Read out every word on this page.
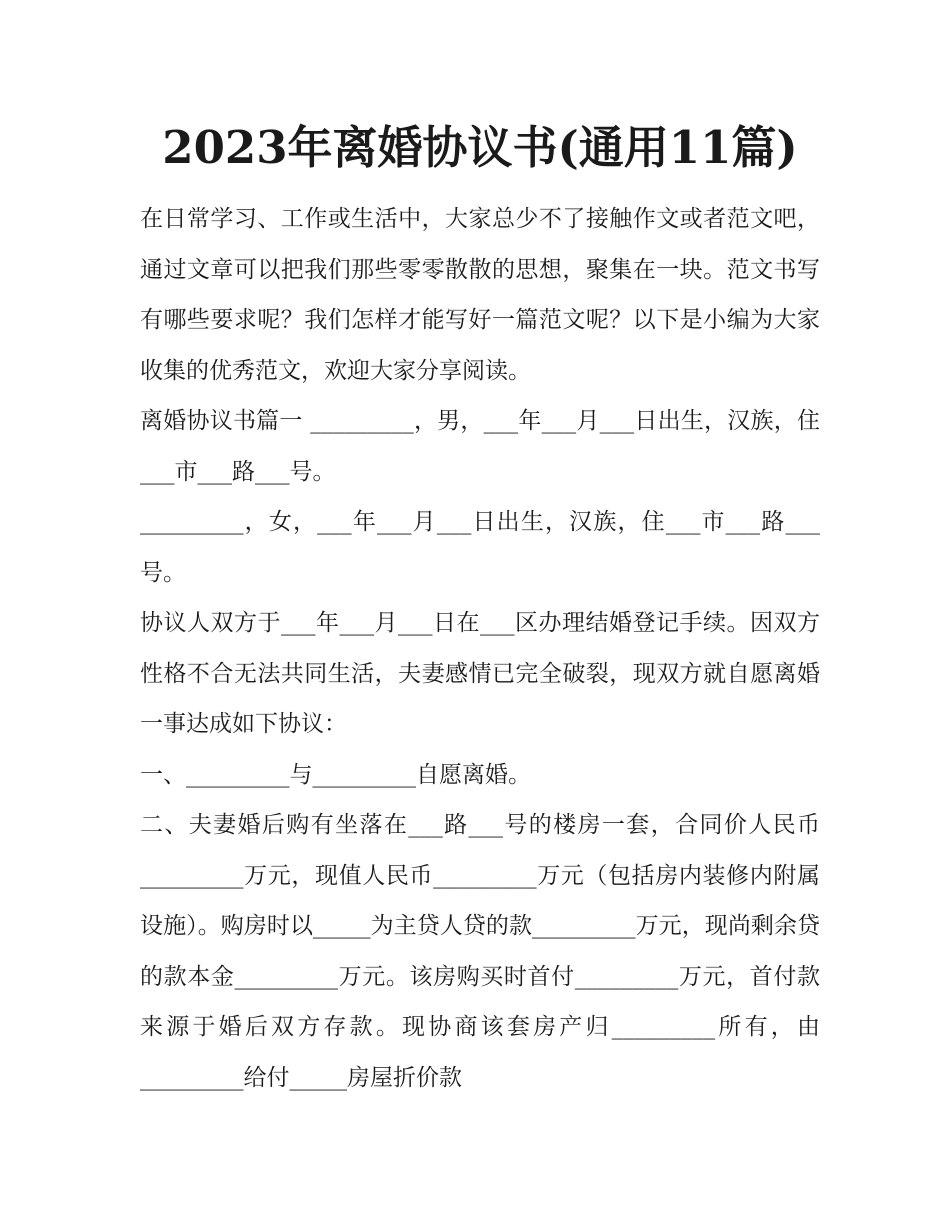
2023年离婚协议书(通用11篇)

在日常学习、工作或生活中，大家总少不了接触作文或者范文吧，通过文章可以把我们那些零零散散的思想，聚集在一块。范文书写有哪些要求呢？我们怎样才能写好一篇范文呢？以下是小编为大家收集的优秀范文，欢迎大家分享阅读。

离婚协议书篇一 _________，男，___年___月___日出生，汉族，住___市___路___号。

_________，女，___年___月___日出生，汉族，住___市___路___号。

协议人双方于___年___月___日在___区办理结婚登记手续。因双方性格不合无法共同生活，夫妻感情已完全破裂，现双方就自愿离婚一事达成如下协议：

一、_________与_________自愿离婚。

二、夫妻婚后购有坐落在___路___号的楼房一套，合同价人民币_________万元，现值人民币_________万元（包括房内装修内附属设施）。购房时以_____为主贷人贷的款_________万元，现尚剩余贷的款本金_________万元。该房购买时首付_________万元，首付款来源于婚后双方存款。现协商该套房产归_________所有，由_________给付_____房屋折价款
